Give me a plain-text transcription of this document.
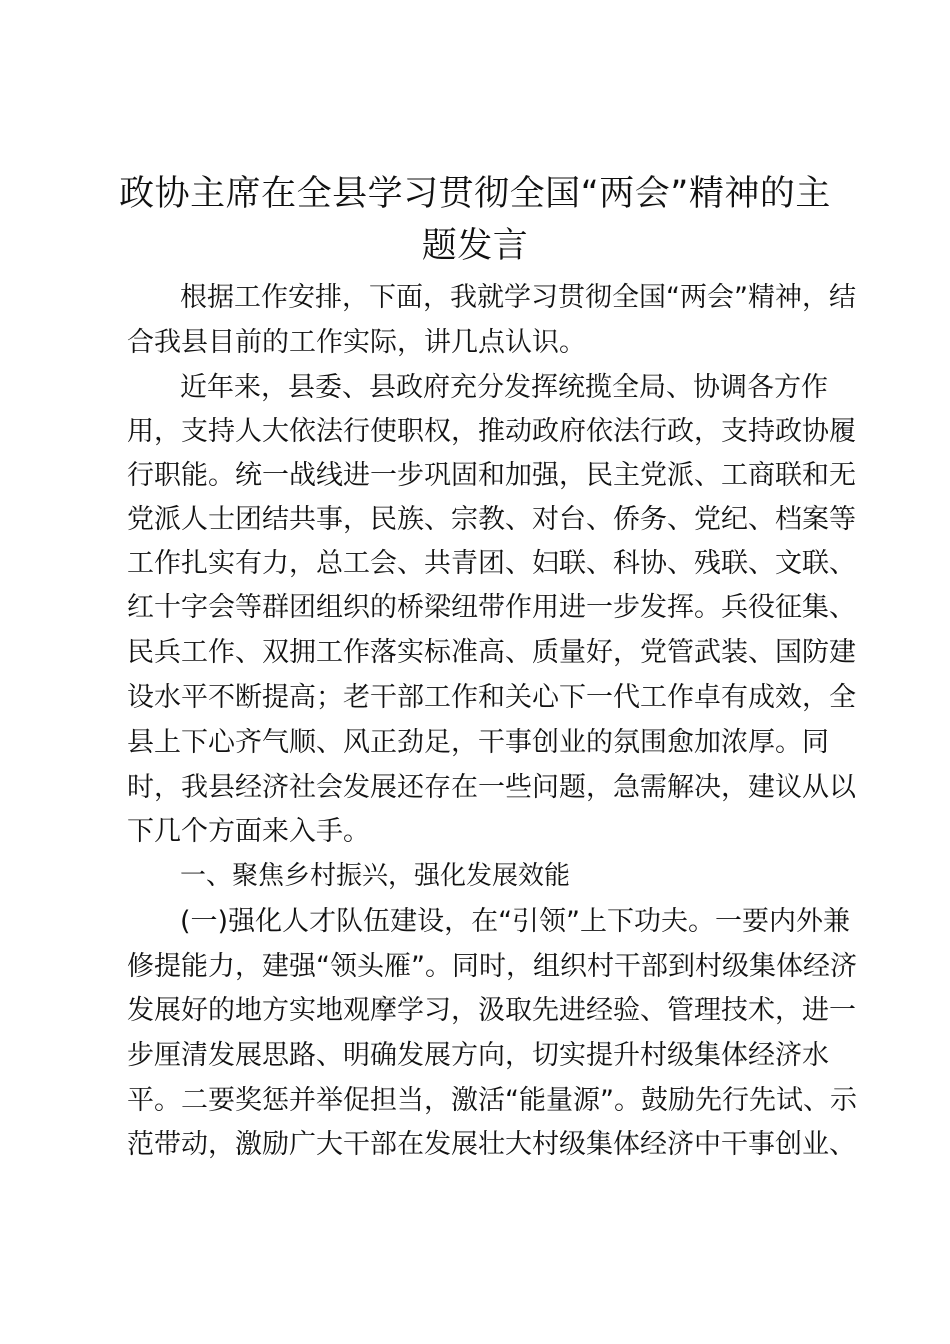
政协主席在全县学习贯彻全国“两会”精神的主题发言

根据工作安排，下面，我就学习贯彻全国“两会”精神，结

合我县目前的工作实际，讲几点认识。

近年来，县委、县政府充分发挥统揽全局、协调各方作

用，支持人大依法行使职权，推动政府依法行政，支持政协履

行职能。统一战线进一步巩固和加强，民主党派、工商联和无

党派人士团结共事，民族、宗教、对台、侨务、党纪、档案等

工作扎实有力，总工会、共青团、妇联、科协、残联、文联、

红十字会等群团组织的桥梁纽带作用进一步发挥。兵役征集、

民兵工作、双拥工作落实标准高、质量好，党管武装、国防建

设水平不断提高；老干部工作和关心下一代工作卓有成效，全

县上下心齐气顺、风正劲足，干事创业的氛围愈加浓厚。同

时，我县经济社会发展还存在一些问题，急需解决，建议从以

下几个方面来入手。

一、聚焦乡村振兴，强化发展效能

(一)强化人才队伍建设，在“引领”上下功夫。一要内外兼

修提能力，建强“领头雁”。同时，组织村干部到村级集体经济

发展好的地方实地观摩学习，汲取先进经验、管理技术，进一

步厘清发展思路、明确发展方向，切实提升村级集体经济水

平。二要奖惩并举促担当，激活“能量源”。鼓励先行先试、示

范带动，激励广大干部在发展壮大村级集体经济中干事创业、
